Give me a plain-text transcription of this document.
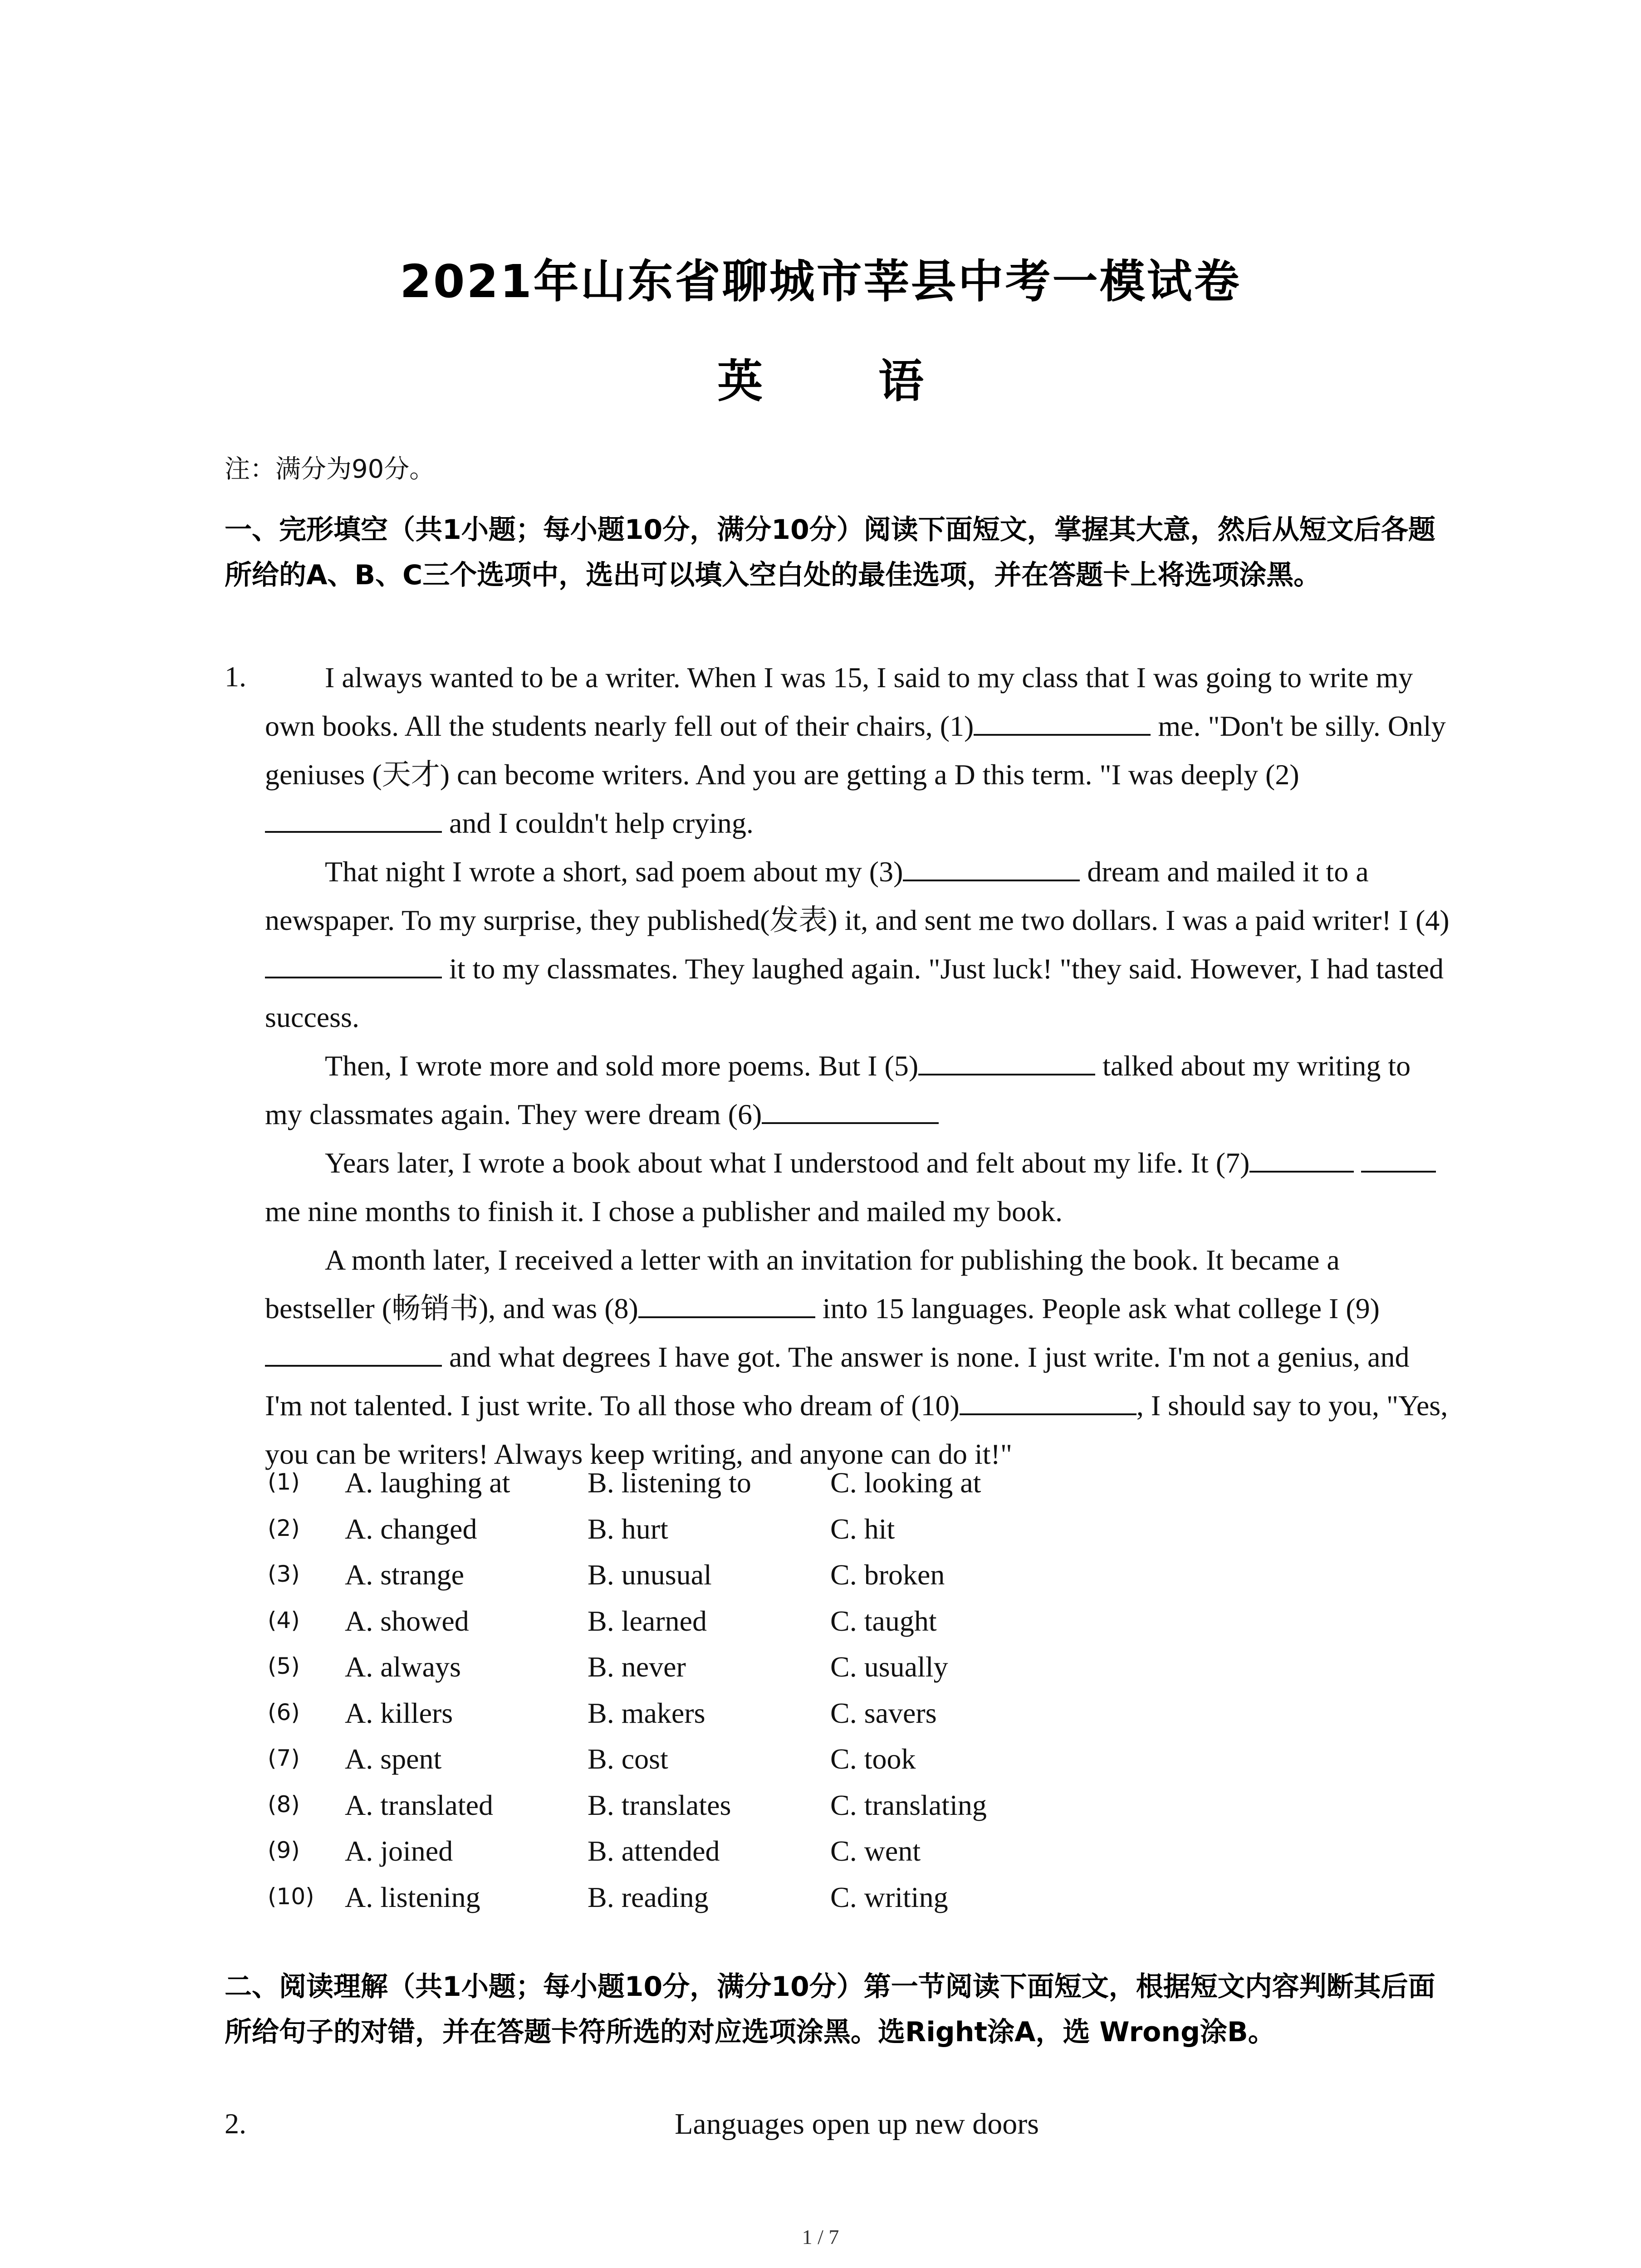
2021年山东省聊城市莘县中考一模试卷
英 语
注：满分为90分。
一、完形填空（共1小题；每小题10分，满分10分）阅读下面短文，掌握其大意，然后从短文后各题所给的A、B、C三个选项中，选出可以填入空白处的最佳选项，并在答题卡上将选项涂黑。
1.	I always wanted to be a writer. When I was 15, I said to my class that I was going to write my own books. All the students nearly fell out of their chairs, (1)	me. "Don't be silly. Only geniuses (天才) can become writers. And you are getting a D this term. "I was deeply (2) and I couldn't help crying.

That night I wrote a short, sad poem about my (3)	dream and mailed it to a newspaper. To my surprise, they published(发表) it, and sent me two dollars. I was a paid writer! I (4) it to my classmates. They laughed again. "Just luck! "they said. However, I had tasted success.

Then, I wrote more and sold more poems. But I (5)	talked about my writing to my classmates again. They were dream (6)

Years later, I wrote a book about what I understood and felt about my life. It (7)  me nine months to finish it. I chose a publisher and mailed my book.

A month later, I received a letter with an invitation for publishing the book. It became a bestseller (畅销书), and was (8)	into 15 languages. People ask what college I (9) and what degrees I have got. The answer is none. I just write. I'm not a genius, and I'm not talented. I just write. To all those who dream of (10)	, I should say to you, "Yes, you can be writers! Always keep writing, and anyone can do it!"

(1) A. laughing at	B. listening to	C. looking at
(2) A. changed	B. hurt	C. hit
(3) A. strange	B. unusual	C. broken
(4) A. showed	B. learned	C. taught
(5) A. always	B. never	C. usually
(6) A. killers	B. makers	C. savers
(7) A. spent	B. cost	C. took
(8) A. translated	B. translates	C. translating
(9) A. joined	B. attended	C. went
(10) A. listening	B. reading	C. writing
二、阅读理解（共1小题；每小题10分，满分10分）第一节阅读下面短文，根据短文内容判断其后面所给句子的对错，并在答题卡符所选的对应选项涂黑。选Right涂A，选 Wrong涂B。
2.	Languages open up new doors
1 / 7
